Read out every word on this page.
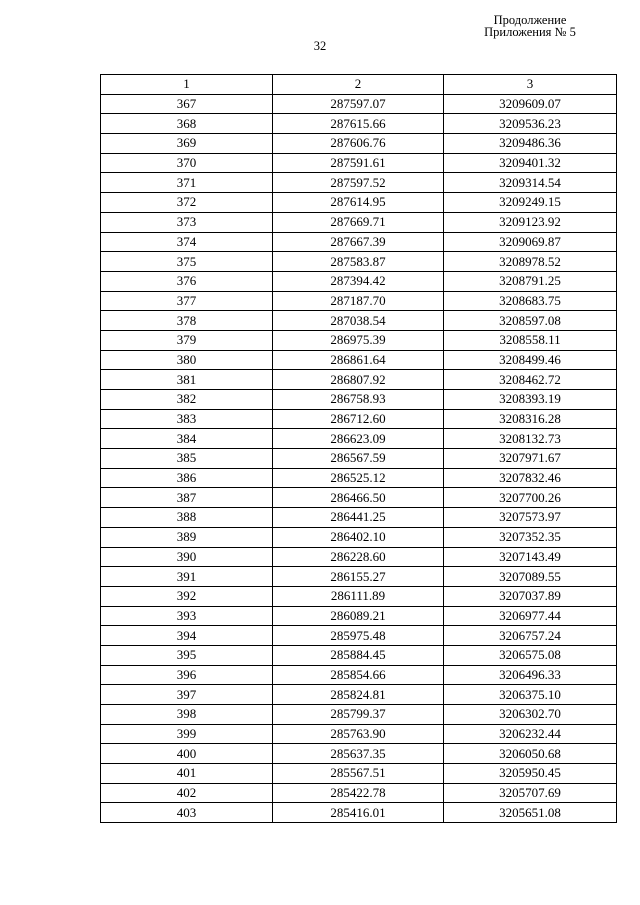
Продолжение
Приложения № 5
32
1	2	3
367	287597.07	3209609.07
368	287615.66	3209536.23
369	287606.76	3209486.36
370	287591.61	3209401.32
371	287597.52	3209314.54
372	287614.95	3209249.15
373	287669.71	3209123.92
374	287667.39	3209069.87
375	287583.87	3208978.52
376	287394.42	3208791.25
377	287187.70	3208683.75
378	287038.54	3208597.08
379	286975.39	3208558.11
380	286861.64	3208499.46
381	286807.92	3208462.72
382	286758.93	3208393.19
383	286712.60	3208316.28
384	286623.09	3208132.73
385	286567.59	3207971.67
386	286525.12	3207832.46
387	286466.50	3207700.26
388	286441.25	3207573.97
389	286402.10	3207352.35
390	286228.60	3207143.49
391	286155.27	3207089.55
392	286111.89	3207037.89
393	286089.21	3206977.44
394	285975.48	3206757.24
395	285884.45	3206575.08
396	285854.66	3206496.33
397	285824.81	3206375.10
398	285799.37	3206302.70
399	285763.90	3206232.44
400	285637.35	3206050.68
401	285567.51	3205950.45
402	285422.78	3205707.69
403	285416.01	3205651.08
